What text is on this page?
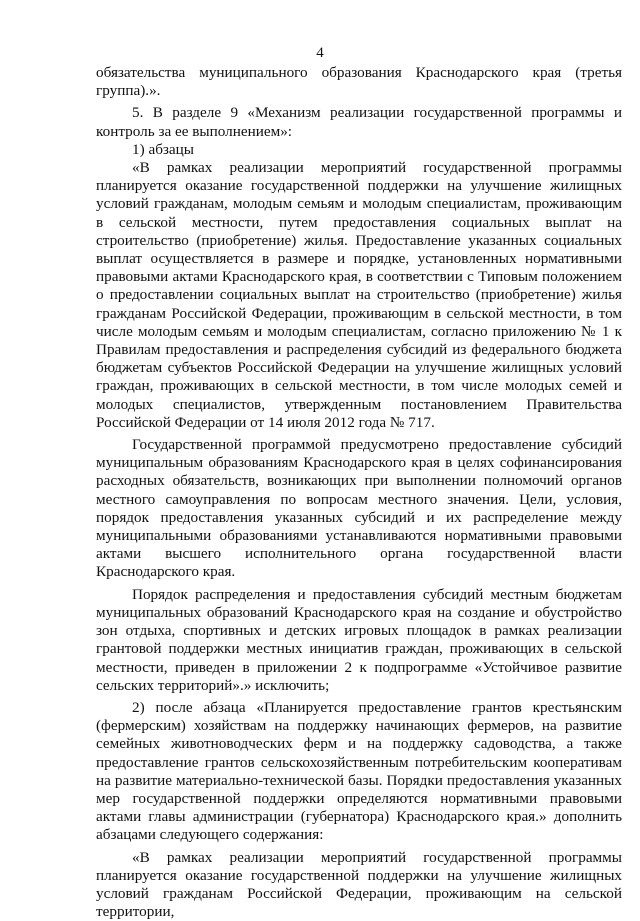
4

обязательства муниципального образования Краснодарского края (третья группа).».

5. В разделе 9 «Механизм реализации государственной программы и контроль за ее выполнением»:

1) абзацы

«В рамках реализации мероприятий государственной программы планируется оказание государственной поддержки на улучшение жилищных условий гражданам, молодым семьям и молодым специалистам, проживающим в сельской местности, путем предоставления социальных выплат на строительство (приобретение) жилья. Предоставление указанных социальных выплат осуществляется в размере и порядке, установленных нормативными правовыми актами Краснодарского края, в соответствии с Типовым положением о предоставлении социальных выплат на строительство (приобретение) жилья гражданам Российской Федерации, проживающим в сельской местности, в том числе молодым семьям и молодым специалистам, согласно приложению № 1 к Правилам предоставления и распределения субсидий из федерального бюджета бюджетам субъектов Российской Федерации на улучшение жилищных условий граждан, проживающих в сельской местности, в том числе молодых семей и молодых специалистов, утвержденным постановлением Правительства Российской Федерации от 14 июля 2012 года № 717.

Государственной программой предусмотрено предоставление субсидий муниципальным образованиям Краснодарского края в целях софинансирования расходных обязательств, возникающих при выполнении полномочий органов местного самоуправления по вопросам местного значения. Цели, условия, порядок предоставления указанных субсидий и их распределение между муниципальными образованиями устанавливаются нормативными правовыми актами высшего исполнительного органа государственной власти Краснодарского края.

Порядок распределения и предоставления субсидий местным бюджетам муниципальных образований Краснодарского края на создание и обустройство зон отдыха, спортивных и детских игровых площадок в рамках реализации грантовой поддержки местных инициатив граждан, проживающих в сельской местности, приведен в приложении 2 к подпрограмме «Устойчивое развитие сельских территорий».» исключить;

2) после абзаца «Планируется предоставление грантов крестьянским (фермерским) хозяйствам на поддержку начинающих фермеров, на развитие семейных животноводческих ферм и на поддержку садоводства, а также предоставление грантов сельскохозяйственным потребительским кооперативам на развитие материально-технической базы. Порядки предоставления указанных мер государственной поддержки определяются нормативными правовыми актами главы администрации (губернатора) Краснодарского края.» дополнить абзацами следующего содержания:

«В рамках реализации мероприятий государственной программы планируется оказание государственной поддержки на улучшение жилищных условий гражданам Российской Федерации, проживающим на сельской территории,
